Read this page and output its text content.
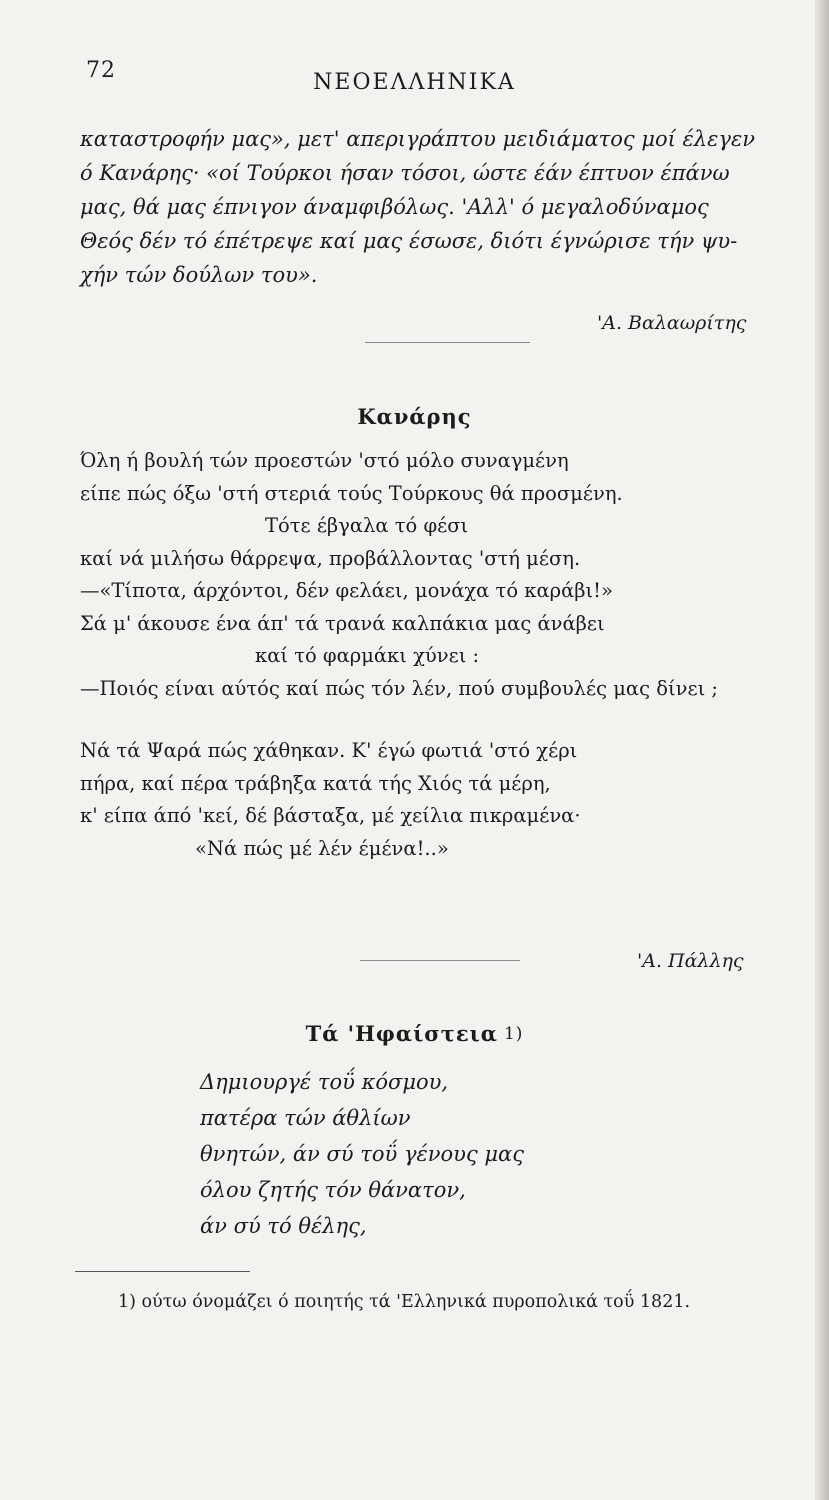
72	ΝΕΟΕΛΛΗΝΙΚΑ
καταστροφήν μας», μετ' απεριγράπτου μειδιάματος μοί έλεγεν
ό Κανάρης· «οί Τούρκοι ήσαν τόσοι, ώστε έάν έπτυον έπάνω
μας, θά μας έπνιγον άναμφιβόλως. 'Αλλ' ό μεγαλοδύναμος
Θεός δέν τό έπέτρεψε καί μας έσωσε, διότι έγνώρισε τήν ψυ-
χήν τών δούλων του».
'Α. Βαλαωρίτης
Κανάρης
Όλη ή βουλή τών προεστών 'στό μόλο συναγμένη
είπε πώς όξω 'στή στεριά τούς Τούρκους θά προσμένη.
Τότε έβγαλα τό φέσι
καί νά μιλήσω θάρρεψα, προβάλλοντας 'στή μέση.
—«Τίποτα, άρχόντοι, δέν φελάει, μονάχα τό καράβι!»
Σά μ' άκουσε ένα άπ' τά τρανά καλπάκια μας άνάβει
καί τό φαρμάκι χύνει :
—Ποιός είναι αύτός καί πώς τόν λέν, πού συμβουλές μας δίνει ;
Νά τά Ψαρά πώς χάθηκαν. Κ' έγώ φωτιά 'στό χέρι
πήρα, καί πέρα τράβηξα κατά τής Χιός τά μέρη,
κ' είπα άπό 'κεί, δέ βάσταξα, μέ χείλια πικραμένα·
«Νά πώς μέ λέν έμένα!..»
'Α. Πάλλης
Τά 'Ηφαίστεια 1)
Δημιουργέ τοΰ κόσμου,
πατέρα τών άθλίων
θνητών, άν σύ τοΰ γένους μας
όλου ζητής τόν θάνατον,
άν σύ τό θέλης,
1) ούτω όνομάζει ό ποιητής τά 'Ελληνικά πυροπολικά τοΰ 1821.
